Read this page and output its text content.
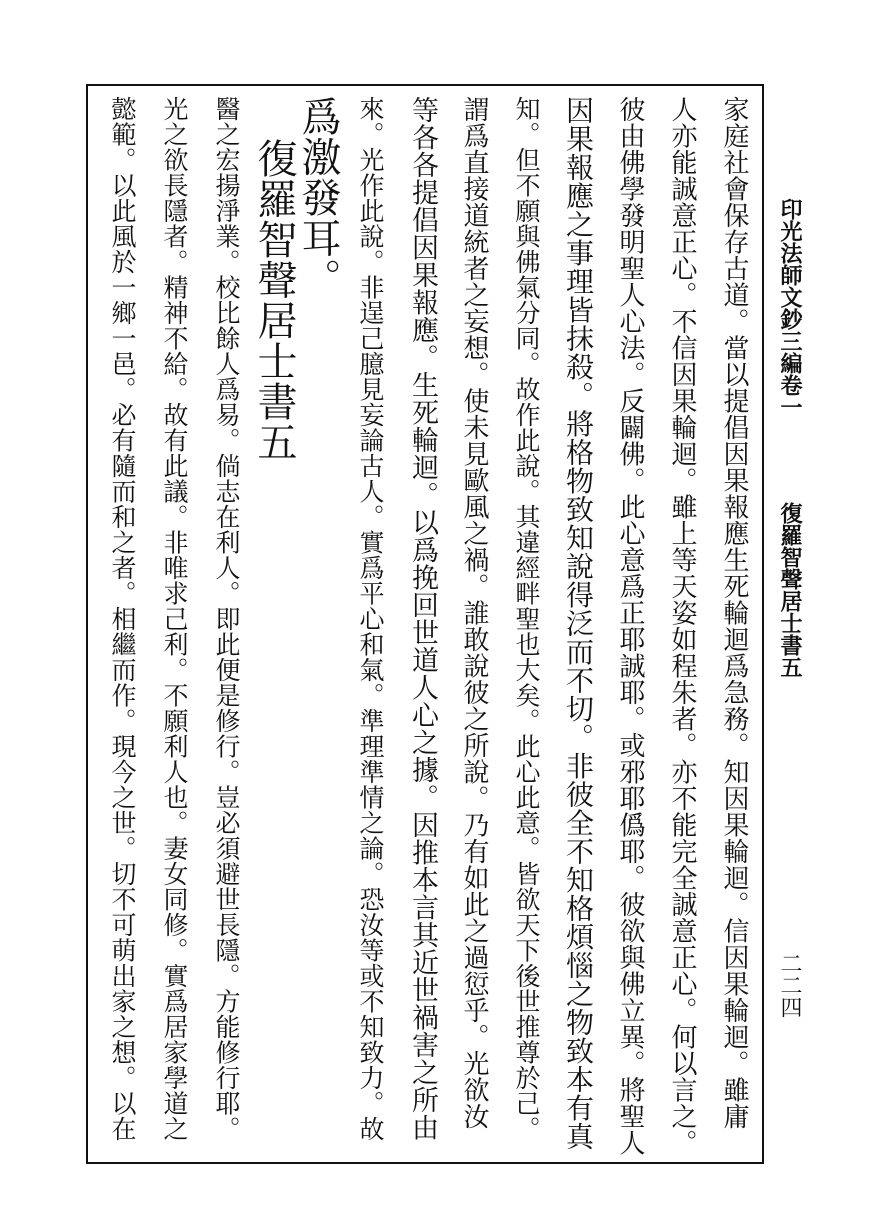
印光法師文鈔三編卷一
復羅智聲居士書五
二二四
家庭社會保存古道。當以提倡因果報應生死輪迴爲急務。知因果輪迴。信因果輪迴。雖庸
人亦能誠意正心。不信因果輪迴。雖上等天姿如程朱者。亦不能完全誠意正心。何以言之。
彼由佛學發明聖人心法。反闢佛。此心意爲正耶誠耶。或邪耶僞耶。彼欲與佛立異。將聖人
因果報應之事理皆抹殺。將格物致知說得泛而不切。非彼全不知格煩惱之物致本有真
知。但不願與佛氣分同。故作此說。其違經畔聖也大矣。此心此意。皆欲天下後世推尊於己。
謂爲直接道統者之妄想。使未見歐風之禍。誰敢說彼之所說。乃有如此之過愆乎。光欲汝
等各各提倡因果報應。生死輪迴。以爲挽回世道人心之據。因推本言其近世禍害之所由
來。光作此說。非逞己臆見妄論古人。實爲平心和氣。準理準情之論。恐汝等或不知致力。故
爲激發耳。
復羅智聲居士書五
醫之宏揚淨業。校比餘人爲易。倘志在利人。即此便是修行。豈必須避世長隱。方能修行耶。
光之欲長隱者。精神不給。故有此議。非唯求己利。不願利人也。妻女同修。實爲居家學道之
懿範。以此風於一鄉一邑。必有隨而和之者。相繼而作。現今之世。切不可萌出家之想。以在
